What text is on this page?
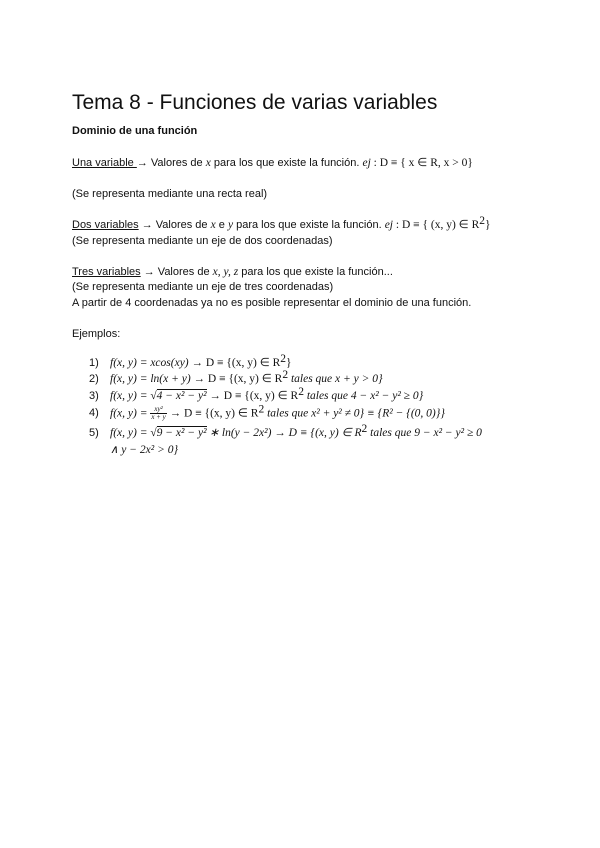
Tema 8 - Funciones de varias variables
Dominio de una función
Una variable → Valores de x para los que existe la función. ej : D ≡ { x ∈ R, x > 0}
(Se representa mediante una recta real)
Dos variables → Valores de x e y para los que existe la función. ej : D ≡ { (x, y) ∈ $R^2$}
(Se representa mediante un eje de dos coordenadas)
Tres variables → Valores de x, y, z para los que existe la función...
(Se representa mediante un eje de tres coordenadas)
A partir de 4 coordenadas ya no es posible representar el dominio de una función.
Ejemplos:
1) f(x, y) = xcos(xy) → D ≡ {(x, y) ∈ $R^2$}
2) f(x, y) = ln(x + y) → D ≡ {(x, y) ∈ $R^2$ tales que x + y > 0}
3) f(x, y) = √4 − x² − y² → D ≡ {(x, y) ∈ $R^2$ tales que 4 − x² − y² ≥ 0}
4) f(x, $y) = \frac{\text{xy²}}{x + y} \to D \equiv \{(x$, y) ∈ $R^2$ tales que x² + y² ≠ 0} ≡ {R² − {(0, 0)}}
5) f(x, y) = √9 − x² − y² ∗ ln(y − 2x²) → D ≡ {(x, y) ∈ $R^2$ tales que 9 − x² − y² ≥ 0
∧ y − 2x² > 0}
